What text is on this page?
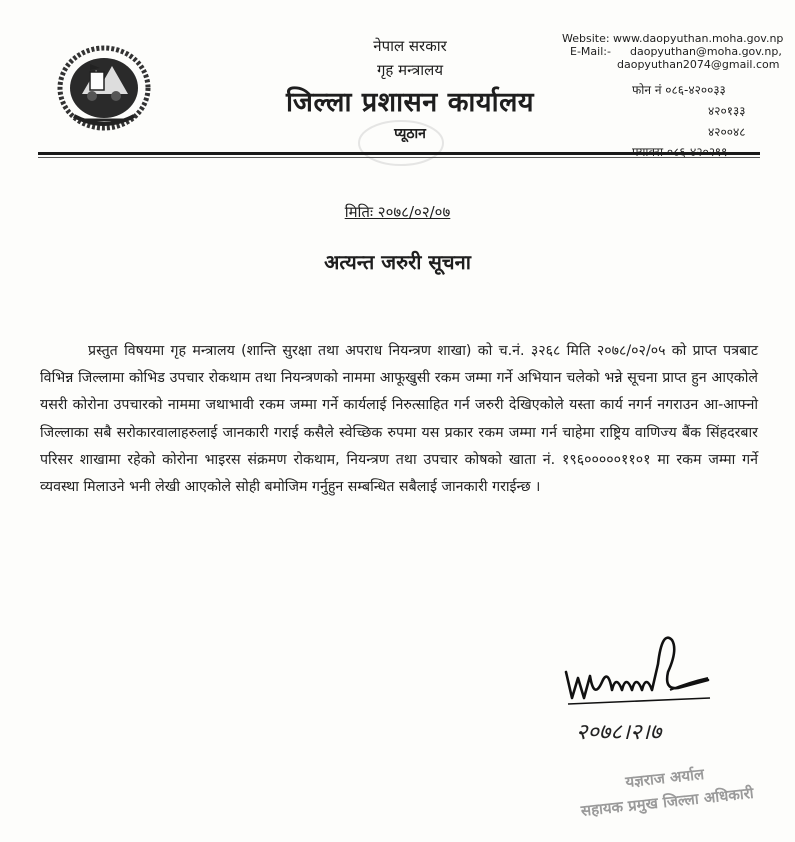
नेपाल सरकार
गृह मन्त्रालय
जिल्ला प्रशासन कार्यालय
प्यूठान
Website: www.daopyuthan.moha.gov.np
E-Mail:- daopyuthan@moha.gov.np,
daopyuthan2074@gmail.com
फोन नं ०८६-४२००३३
४२०१३३
४२००४८
मितिः २०७८/०२/०७
अत्यन्त जरुरी सूचना
प्रस्तुत विषयमा गृह मन्त्रालय (शान्ति सुरक्षा तथा अपराध नियन्त्रण शाखा) को च.नं. ३२६८ मिति २०७८/०२/०५ को प्राप्त पत्रबाट विभिन्न जिल्लामा कोभिड उपचार रोकथाम तथा नियन्त्रणको नाममा आफूखुसी रकम जम्मा गर्ने अभियान चलेको भन्ने सूचना प्राप्त हुन आएकोले यसरी कोरोना उपचारको नाममा जथाभावी रकम जम्मा गर्ने कार्यलाई निरुत्साहित गर्न जरुरी देखिएकोले यस्ता कार्य नगर्न नगराउन आ-आफ्नो जिल्लाका सबै सरोकारवालाहरुलाई जानकारी गराई कसैले स्वेच्छिक रुपमा यस प्रकार रकम जम्मा गर्न चाहेमा राष्ट्रिय वाणिज्य बैंक सिंहदरबार परिसर शाखामा रहेको कोरोना भाइरस संक्रमण रोकथाम, नियन्त्रण तथा उपचार कोषको खाता नं. १९६०००००११०१ मा रकम जम्मा गर्ने व्यवस्था मिलाउने भनी लेखी आएकोले सोही बमोजिम गर्नुहुन सम्बन्धित सबैलाई जानकारी गराईन्छ ।
२०७८।२।७
यज्ञराज अर्याल
सहायक प्रमुख जिल्ला अधिकारी
